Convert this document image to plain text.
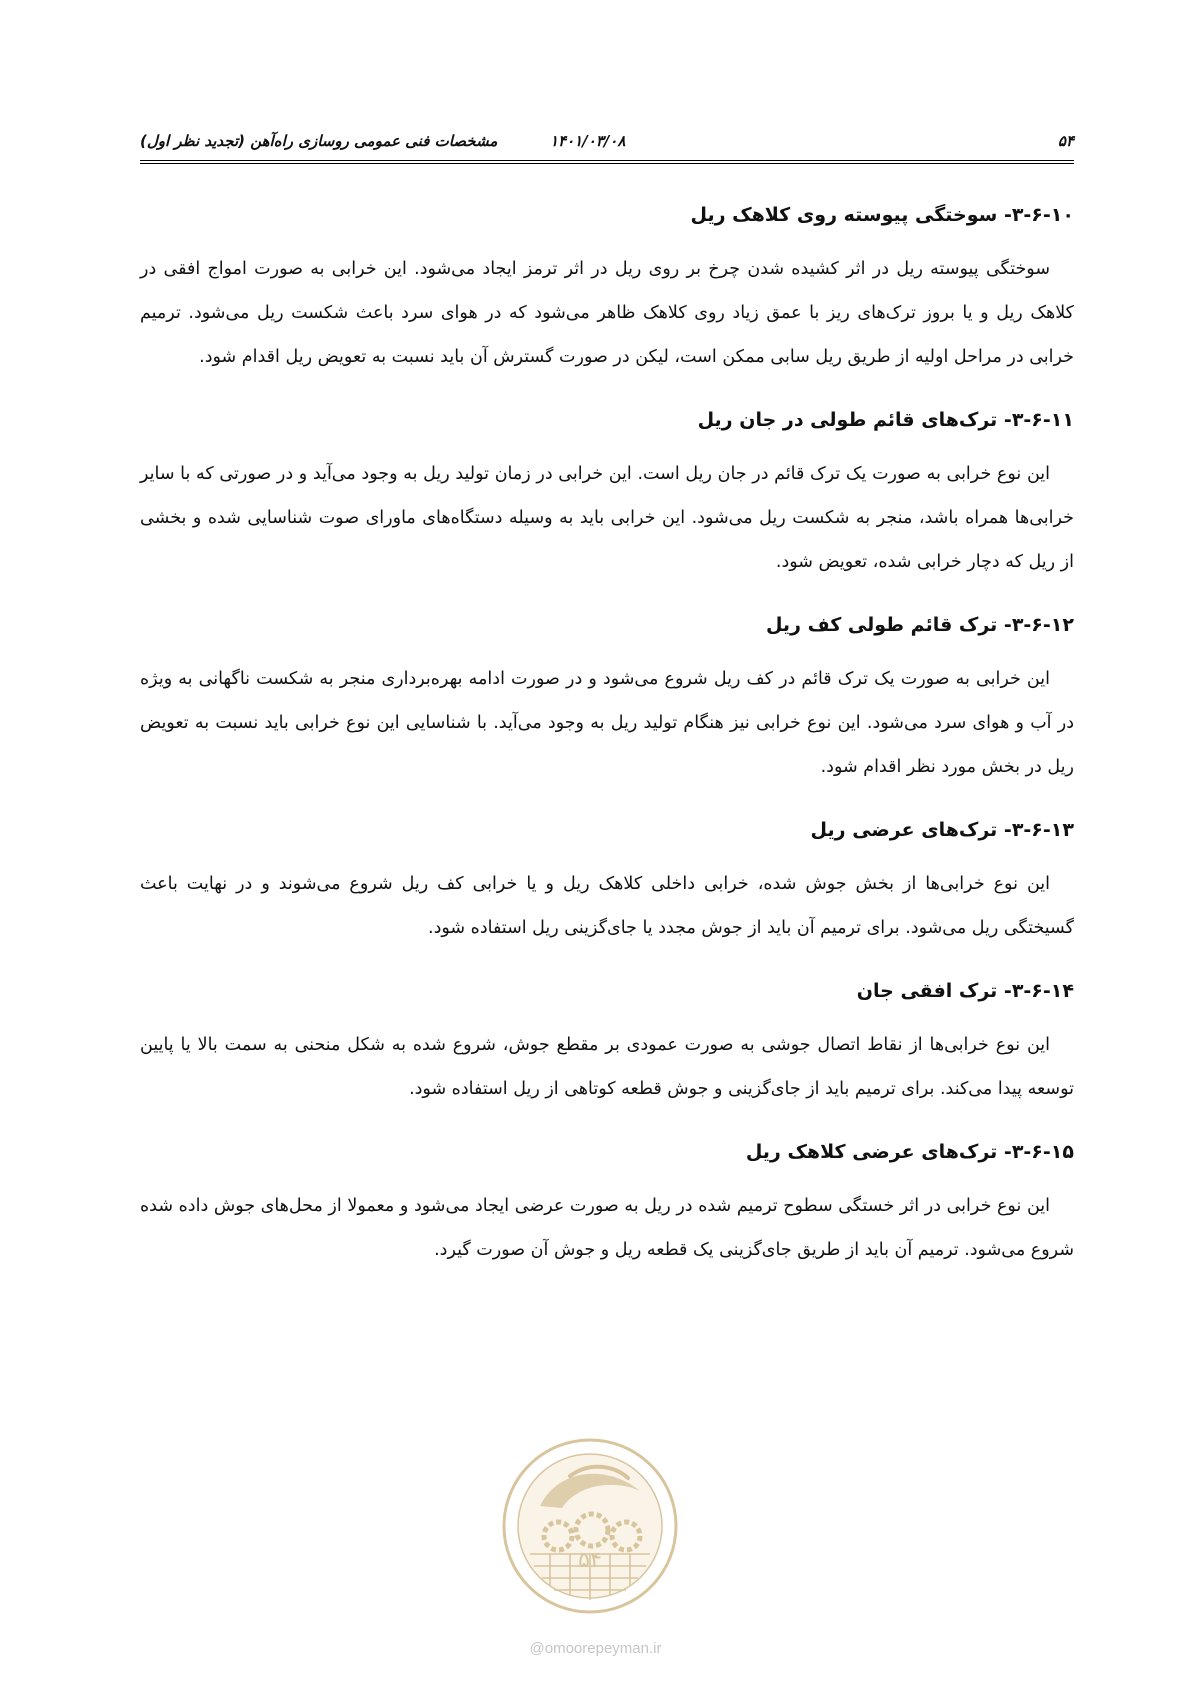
۵۴
۱۴۰۱/۰۳/۰۸
مشخصات فنی عمومی روسازی راه‌آهن (تجدید نظر اول)
۳-۶-۱۰- سوختگی پیوسته روی کلاهک ریل

سوختگی پیوسته ریل در اثر کشیده شدن چرخ بر روی ریل در اثر ترمز ایجاد می‌شود. این خرابی به صورت امواج افقی در کلاهک ریل و یا بروز ترک‌های ریز با عمق زیاد روی کلاهک ظاهر می‌شود که در هوای سرد باعث شکست ریل می‌شود. ترمیم خرابی در مراحل اولیه از طریق ریل سابی ممکن است، لیکن در صورت گسترش آن باید نسبت به تعویض ریل اقدام شود.

۳-۶-۱۱- ترک‌های قائم طولی در جان ریل

این نوع خرابی به صورت یک ترک قائم در جان ریل است. این خرابی در زمان تولید ریل به وجود می‌آید و در صورتی که با سایر خرابی‌ها همراه باشد، منجر به شکست ریل می‌شود. این خرابی باید به وسیله دستگاه‌های ماورای صوت شناسایی شده و بخشی از ریل که دچار خرابی شده، تعویض شود.

۳-۶-۱۲- ترک قائم طولی کف ریل

این خرابی به صورت یک ترک قائم در کف ریل شروع می‌شود و در صورت ادامه بهره‌برداری منجر به شکست ناگهانی به ویژه در آب و هوای سرد می‌شود. این نوع خرابی نیز هنگام تولید ریل به وجود می‌آید. با شناسایی این نوع خرابی باید نسبت به تعویض ریل در بخش مورد نظر اقدام شود.

۳-۶-۱۳- ترک‌های عرضی ریل

این نوع خرابی‌ها از بخش جوش شده، خرابی داخلی کلاهک ریل و یا خرابی کف ریل شروع می‌شوند و در نهایت باعث گسیختگی ریل می‌شود. برای ترمیم آن باید از جوش مجدد یا جای‌گزینی ریل استفاده شود.

۳-۶-۱۴- ترک افقی جان

این نوع خرابی‌ها از نقاط اتصال جوشی به صورت عمودی بر مقطع جوش، شروع شده به شکل منحنی به سمت بالا یا پایین توسعه پیدا می‌کند. برای ترمیم باید از جای‌گزینی و جوش قطعه کوتاهی از ریل استفاده شود.

۳-۶-۱۵- ترک‌های عرضی کلاهک ریل

این نوع خرابی در اثر خستگی سطوح ترمیم شده در ریل به صورت عرضی ایجاد می‌شود و معمولا از محل‌های جوش داده شده شروع می‌شود. ترمیم آن باید از طریق جای‌گزینی یک قطعه ریل و جوش آن صورت گیرد.

۵۴
@omoorepeyman.ir
